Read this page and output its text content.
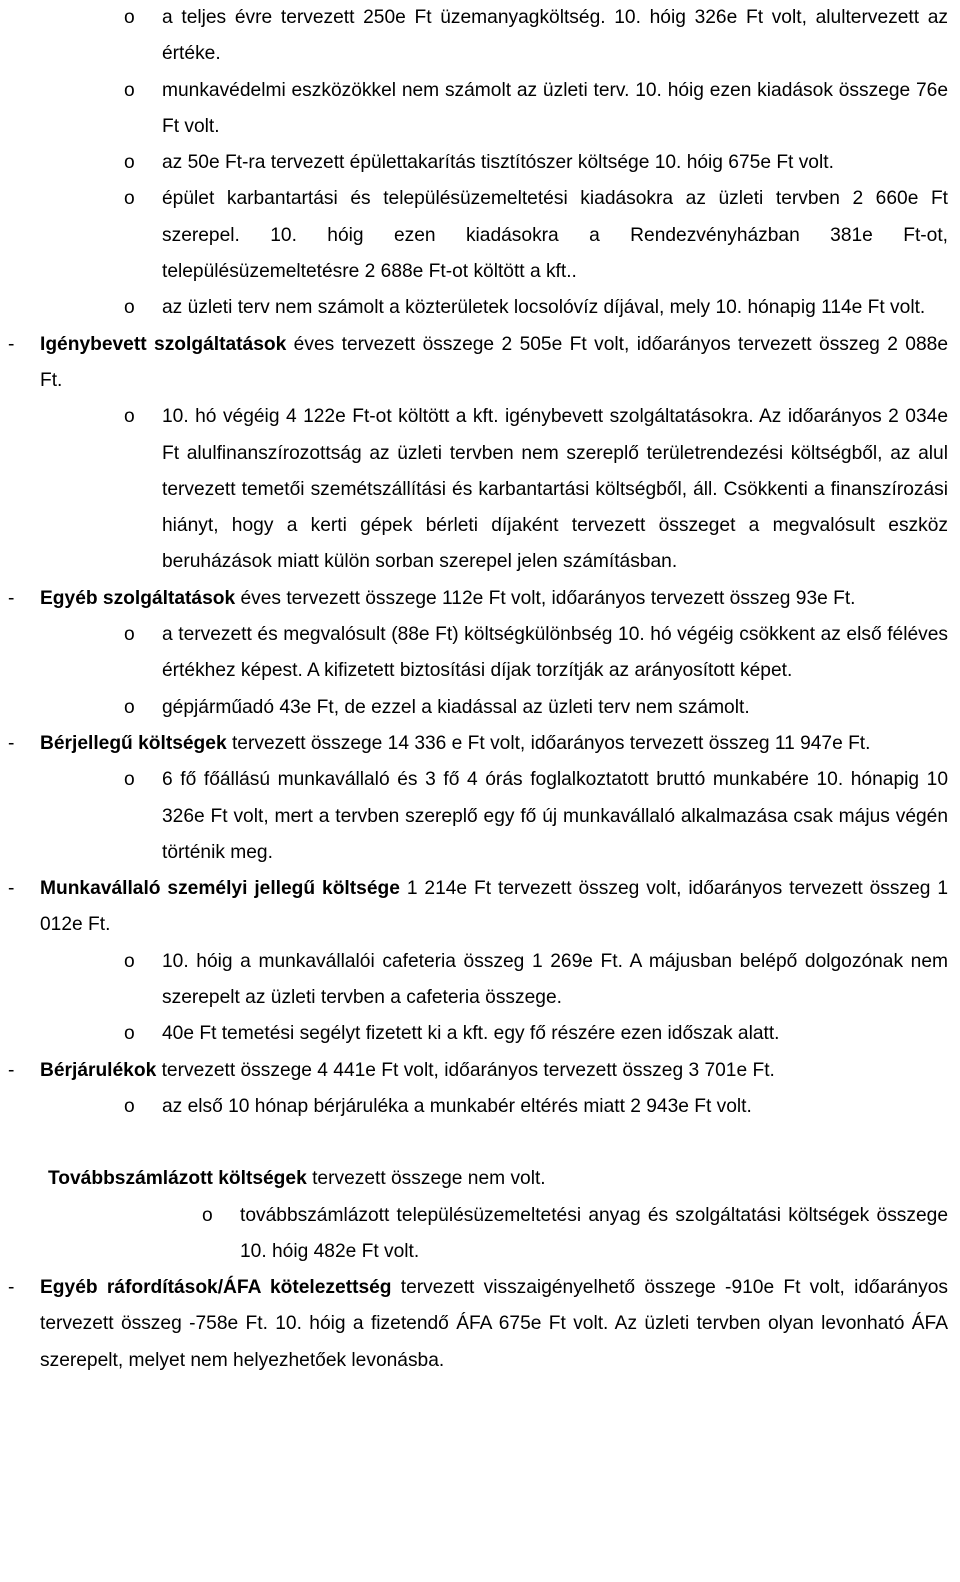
o a teljes évre tervezett 250e Ft üzemanyagköltség. 10. hóig 326e Ft volt, alultervezett az értéke.
o munkavédelmi eszközökkel nem számolt az üzleti terv. 10. hóig ezen kiadások összege 76e Ft volt.
o az 50e Ft-ra tervezett épülettakarítás tisztítószer költsége 10. hóig 675e Ft volt.
o épület karbantartási és településüzemeltetési kiadásokra az üzleti tervben 2 660e Ft szerepel. 10. hóig ezen kiadásokra a Rendezvényházban 381e Ft-ot, településüzemeltetésre 2 688e Ft-ot költött a kft..
o az üzleti terv nem számolt a közterületek locsolóvíz díjával, mely 10. hónapig 114e Ft volt.
- Igénybevett szolgáltatások éves tervezett összege 2 505e Ft volt, időarányos tervezett összeg 2 088e Ft.
o 10. hó végéig 4 122e Ft-ot költött a kft. igénybevett szolgáltatásokra. Az időarányos 2 034e Ft alulfinanszírozottság az üzleti tervben nem szereplő területrendezési költségből, az alul tervezett temetői szemétszállítási és karbantartási költségből, áll. Csökkenti a finanszírozási hiányt, hogy a kerti gépek bérleti díjaként tervezett összeget a megvalósult eszköz beruházások miatt külön sorban szerepel jelen számításban.
- Egyéb szolgáltatások éves tervezett összege 112e Ft volt, időarányos tervezett összeg 93e Ft.
o a tervezett és megvalósult (88e Ft) költségkülönbség 10. hó végéig csökkent az első féléves értékhez képest. A kifizetett biztosítási díjak torzítják az arányosított képet.
o gépjárműadó 43e Ft, de ezzel a kiadással az üzleti terv nem számolt.
- Bérjellegű költségek tervezett összege 14 336 e Ft volt, időarányos tervezett összeg 11 947e Ft.
o 6 fő főállású munkavállaló és 3 fő 4 órás foglalkoztatott bruttó munkabére 10. hónapig 10 326e Ft volt, mert a tervben szereplő egy fő új munkavállaló alkalmazása csak május végén történik meg.
- Munkavállaló személyi jellegű költsége 1 214e Ft tervezett összeg volt, időarányos tervezett összeg 1 012e Ft.
o 10. hóig a munkavállalói cafeteria összeg 1 269e Ft. A májusban belépő dolgozónak nem szerepelt az üzleti tervben a cafeteria összege.
o 40e Ft temetési segélyt fizetett ki a kft. egy fő részére ezen időszak alatt.
- Bérjárulékok tervezett összege 4 441e Ft volt, időarányos tervezett összeg 3 701e Ft.
o az első 10 hónap bérjáruléka a munkabér eltérés miatt 2 943e Ft volt.
Továbbszámlázott költségek tervezett összege nem volt.
o továbbszámlázott településüzemeltetési anyag és szolgáltatási költségek összege 10. hóig 482e Ft volt.
- Egyéb ráfordítások/ÁFA kötelezettség tervezett visszaigényelhető összege -910e Ft volt, időarányos tervezett összeg -758e Ft. 10. hóig a fizetendő ÁFA 675e Ft volt. Az üzleti tervben olyan levonható ÁFA szerepelt, melyet nem helyezhetőek levonásba.
